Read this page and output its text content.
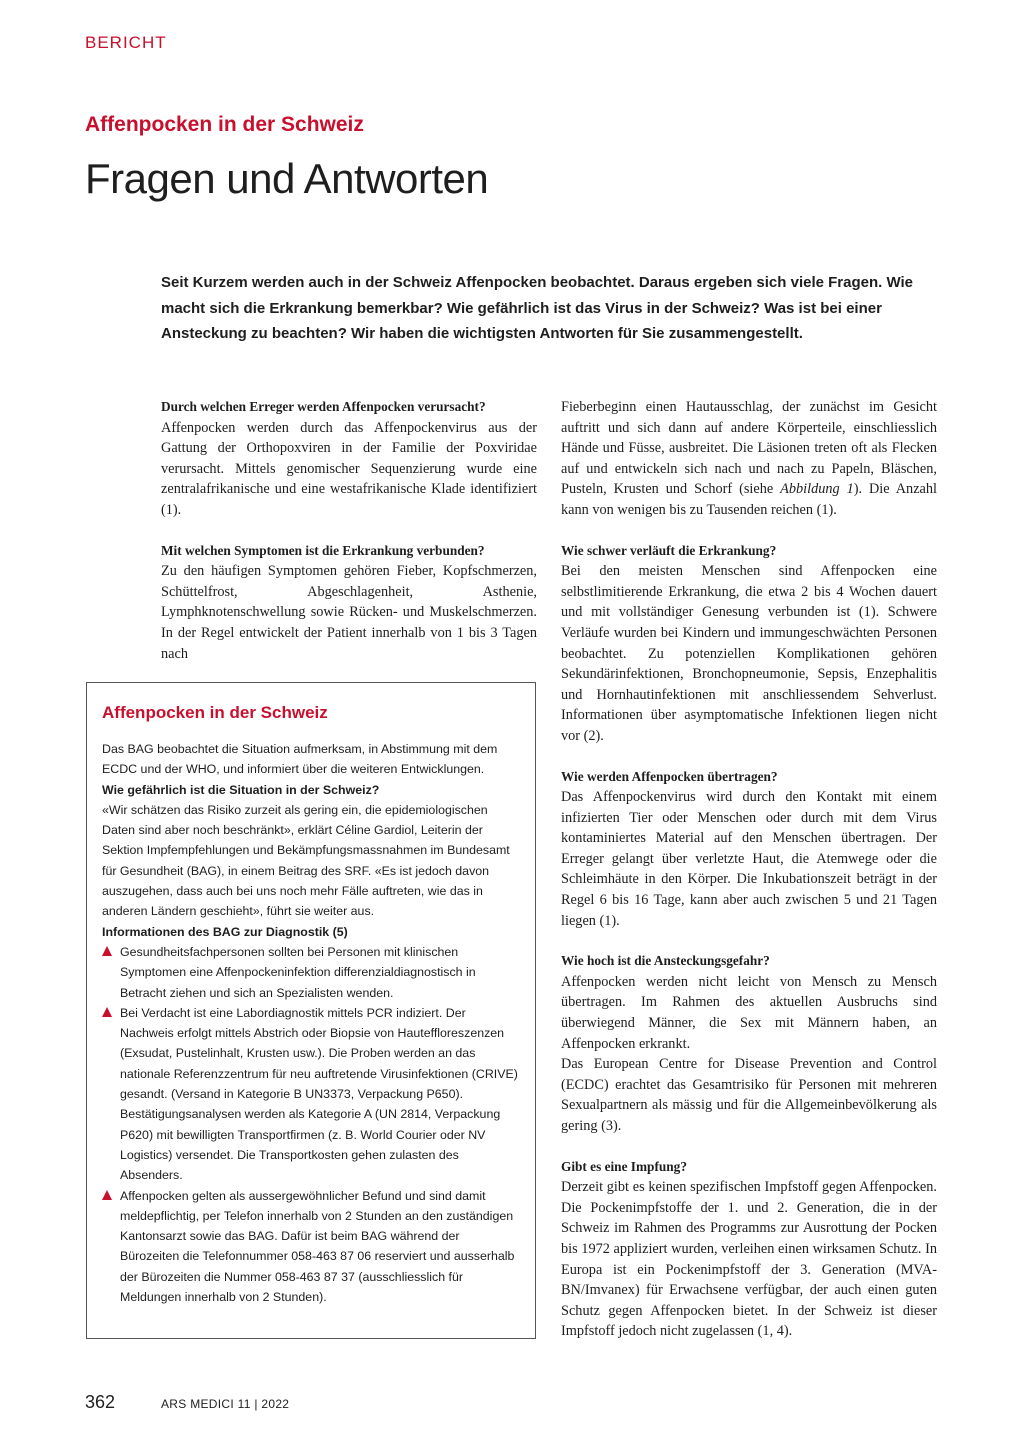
BERICHT
Affenpocken in der Schweiz
Fragen und Antworten

Seit Kurzem werden auch in der Schweiz Affenpocken beobachtet. Daraus ergeben sich viele Fragen. Wie macht sich die Erkrankung bemerkbar? Wie gefährlich ist das Virus in der Schweiz? Was ist bei einer Ansteckung zu beachten? Wir haben die wichtigsten Antworten für Sie zusammengestellt.

Durch welchen Erreger werden Affenpocken verursacht?

Affenpocken werden durch das Affenpockenvirus aus der Gattung der Orthopoxviren in der Familie der Poxviridae verursacht. Mittels genomischer Sequenzierung wurde eine zentralafrikanische und eine westafrikanische Klade identifiziert (1).

Mit welchen Symptomen ist die Erkrankung verbunden?

Zu den häufigen Symptomen gehören Fieber, Kopfschmerzen, Schüttelfrost, Abgeschlagenheit, Asthenie, Lymphknotenschwellung sowie Rücken- und Muskelschmerzen. In der Regel entwickelt der Patient innerhalb von 1 bis 3 Tagen nach

Affenpocken in der Schweiz

Das BAG beobachtet die Situation aufmerksam, in Abstimmung mit dem ECDC und der WHO, und informiert über die weiteren Entwicklungen.

Wie gefährlich ist die Situation in der Schweiz?

«Wir schätzen das Risiko zurzeit als gering ein, die epidemiologischen Daten sind aber noch beschränkt», erklärt Céline Gardiol, Leiterin der Sektion Impfempfehlungen und Bekämpfungsmassnahmen im Bundesamt für Gesundheit (BAG), in einem Beitrag des SRF. «Es ist jedoch davon auszugehen, dass auch bei uns noch mehr Fälle auftreten, wie das in anderen Ländern geschieht», führt sie weiter aus.

Informationen des BAG zur Diagnostik (5)
Gesundheitsfachpersonen sollten bei Personen mit klinischen Symptomen eine Affenpockeninfektion differenzialdiagnostisch in Betracht ziehen und sich an Spezialisten wenden.
Bei Verdacht ist eine Labordiagnostik mittels PCR indiziert. Der Nachweis erfolgt mittels Abstrich oder Biopsie von Hauteffloreszenzen (Exsudat, Pustelinhalt, Krusten usw.). Die Proben werden an das nationale Referenzzentrum für neu auftretende Virusinfektionen (CRIVE) gesandt. (Versand in Kategorie B UN3373, Verpackung P650). Bestätigungsanalysen werden als Kategorie A (UN 2814, Verpackung P620) mit bewilligten Transportfirmen (z. B. World Courier oder NV Logistics) versendet. Die Transportkosten gehen zulasten des Absenders.
Affenpocken gelten als aussergewöhnlicher Befund und sind damit meldepflichtig, per Telefon innerhalb von 2 Stunden an den zuständigen Kantonsarzt sowie das BAG. Dafür ist beim BAG während der Bürozeiten die Telefonnummer 058-463 87 06 reserviert und ausserhalb der Bürozeiten die Nummer 058-463 87 37 (ausschliesslich für Meldungen innerhalb von 2 Stunden).

Fieberbeginn einen Hautausschlag, der zunächst im Gesicht auftritt und sich dann auf andere Körperteile, einschliesslich Hände und Füsse, ausbreitet. Die Läsionen treten oft als Flecken auf und entwickeln sich nach und nach zu Papeln, Bläschen, Pusteln, Krusten und Schorf (siehe Abbildung 1). Die Anzahl kann von wenigen bis zu Tausenden reichen (1).

Wie schwer verläuft die Erkrankung?

Bei den meisten Menschen sind Affenpocken eine selbstlimitierende Erkrankung, die etwa 2 bis 4 Wochen dauert und mit vollständiger Genesung verbunden ist (1). Schwere Verläufe wurden bei Kindern und immungeschwächten Personen beobachtet. Zu potenziellen Komplikationen gehören Sekundärinfektionen, Bronchopneumonie, Sepsis, Enzephalitis und Hornhautinfektionen mit anschliessendem Sehverlust. Informationen über asymptomatische Infektionen liegen nicht vor (2).

Wie werden Affenpocken übertragen?

Das Affenpockenvirus wird durch den Kontakt mit einem infizierten Tier oder Menschen oder durch mit dem Virus kontaminiertes Material auf den Menschen übertragen. Der Erreger gelangt über verletzte Haut, die Atemwege oder die Schleimhäute in den Körper. Die Inkubationszeit beträgt in der Regel 6 bis 16 Tage, kann aber auch zwischen 5 und 21 Tagen liegen (1).

Wie hoch ist die Ansteckungsgefahr?

Affenpocken werden nicht leicht von Mensch zu Mensch übertragen. Im Rahmen des aktuellen Ausbruchs sind überwiegend Männer, die Sex mit Männern haben, an Affenpocken erkrankt.

Das European Centre for Disease Prevention and Control (ECDC) erachtet das Gesamtrisiko für Personen mit mehreren Sexualpartnern als mässig und für die Allgemeinbevölkerung als gering (3).

Gibt es eine Impfung?

Derzeit gibt es keinen spezifischen Impfstoff gegen Affenpocken. Die Pockenimpfstoffe der 1. und 2. Generation, die in der Schweiz im Rahmen des Programms zur Ausrottung der Pocken bis 1972 appliziert wurden, verleihen einen wirksamen Schutz. In Europa ist ein Pockenimpfstoff der 3. Generation (MVA-BN/Imvanex) für Erwachsene verfügbar, der auch einen guten Schutz gegen Affenpocken bietet. In der Schweiz ist dieser Impfstoff jedoch nicht zugelassen (1, 4).

362	ARS MEDICI 11 | 2022
